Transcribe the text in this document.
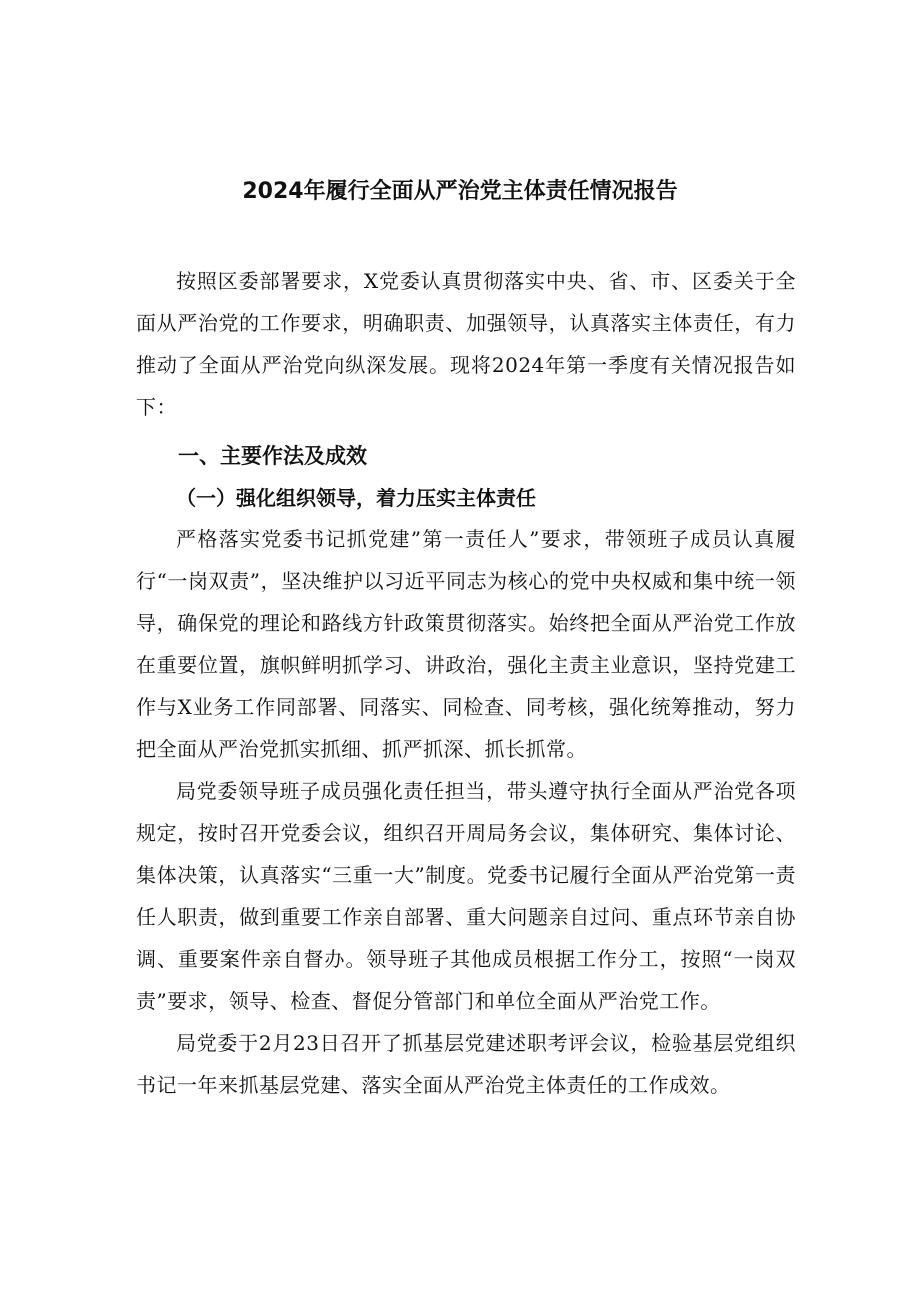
2024年履行全面从严治党主体责任情况报告

按照区委部署要求，X党委认真贯彻落实中央、省、市、区委关于全面从严治党的工作要求，明确职责、加强领导，认真落实主体责任，有力推动了全面从严治党向纵深发展。现将2024年第一季度有关情况报告如下：

一、主要作法及成效
（一）强化组织领导，着力压实主体责任

严格落实党委书记抓党建”第一责任人”要求，带领班子成员认真履行“一岗双责”，坚决维护以习近平同志为核心的党中央权威和集中统一领导，确保党的理论和路线方针政策贯彻落实。始终把全面从严治党工作放在重要位置，旗帜鲜明抓学习、讲政治，强化主责主业意识，坚持党建工作与X业务工作同部署、同落实、同检查、同考核，强化统筹推动，努力把全面从严治党抓实抓细、抓严抓深、抓长抓常。

局党委领导班子成员强化责任担当，带头遵守执行全面从严治党各项规定，按时召开党委会议，组织召开周局务会议，集体研究、集体讨论、集体决策，认真落实“三重一大”制度。党委书记履行全面从严治党第一责任人职责，做到重要工作亲自部署、重大问题亲自过问、重点环节亲自协调、重要案件亲自督办。领导班子其他成员根据工作分工，按照“一岗双责”要求，领导、检查、督促分管部门和单位全面从严治党工作。

局党委于2月23日召开了抓基层党建述职考评会议，检验基层党组织书记一年来抓基层党建、落实全面从严治党主体责任的工作成效。
